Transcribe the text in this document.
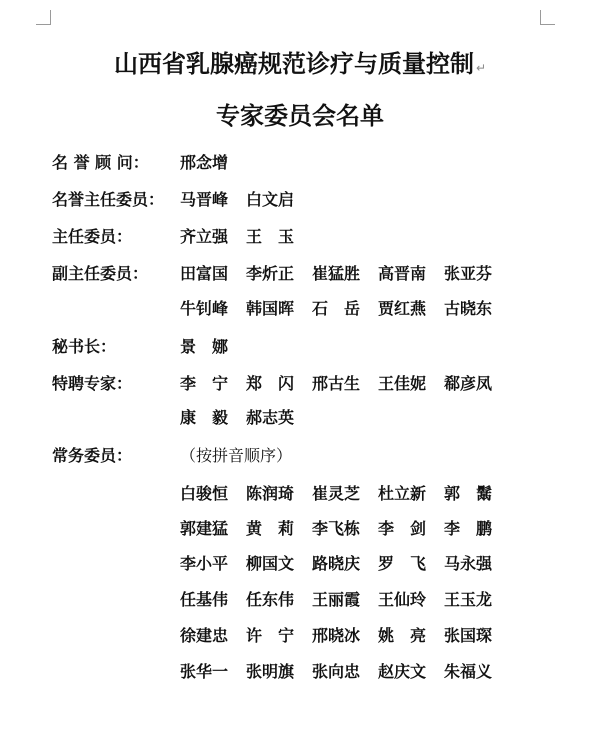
山西省乳腺癌规范诊疗与质量控制 ↵
专家委员会名单
名 誉 顾 问： 邢念增
名誉主任委员： 马晋峰	白文启
主任委员：	齐立强	王　玉
副主任委员： 田富国	李炘正	崔猛胜	高晋南	张亚芬
牛钊峰	韩国晖	石　岳	贾红燕	古晓东
秘书长：	景　娜
特聘专家：	李　宁	郑　闪	邢古生	王佳妮	郗彦凤
康　毅	郝志英
常务委员：	（按拼音顺序）
白骏恒	陈润琦	崔灵芝	杜立新	郭　鬗
郭建猛	黄　莉	李飞栋	李　剑	李　鹏
李小平	柳国文	路晓庆	罗　飞	马永强
任基伟	任东伟	王丽霞	王仙玲	王玉龙
徐建忠	许　宁	邢晓冰	姚　亮	张国琛
张华一	张明旗	张向忠	赵庆文	朱福义
